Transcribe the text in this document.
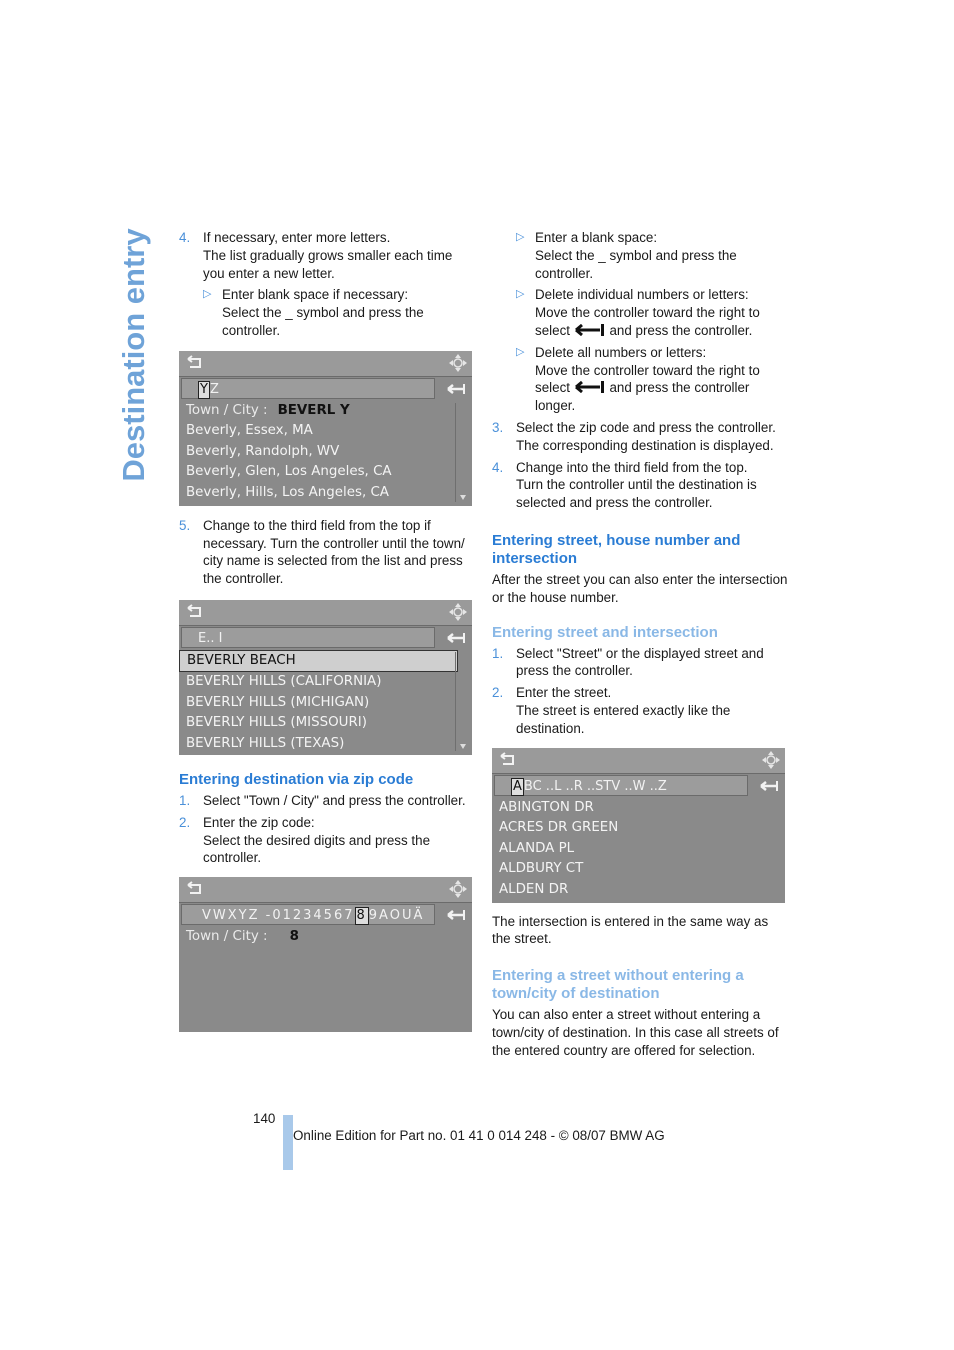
Destination entry 4. If necessary, enter more letters.

The list gradually grows smaller each time you enter a new letter.

▷ Enter blank space if necessary:

Select the _ symbol and press the controller.

Y Z
Town / City : BEVERL Y
Beverly, Essex, MA
Beverly, Randolph, WV
Beverly, Glen, Los Angeles, CA
Beverly, Hills, Los Angeles, CA
5. Change to the third field from the top if necessary. Turn the controller until the town/ city name is selected from the list and press the controller.

E.. I
BEVERLY BEACH
BEVERLY HILLS (CALIFORNIA)
BEVERLY HILLS (MICHIGAN)
BEVERLY HILLS (MISSOURI)
BEVERLY HILLS (TEXAS)
Entering destination via zip code
1. Select "Town / City" and press the controller.

2. Enter the zip code:

Select the desired digits and press the controller.

VWXYZ -01234567 8 9AOUÄ
Town / City : 8
▷ Enter a blank space:

Select the _ symbol and press the controller.

▷ Delete individual numbers or letters:

Move the controller toward the right to select	and press the controller.

▷ Delete all numbers or letters:

Move the controller toward the right to select	and press the controller longer.

3. Select the zip code and press the controller.

The corresponding destination is displayed.

4. Change into the third field from the top.

Turn the controller until the destination is selected and press the controller.

Entering street, house number and intersection

After the street you can also enter the intersection or the house number.

Entering street and intersection
1. Select "Street" or the displayed street and press the controller.

2. Enter the street.

The street is entered exactly like the destination.

A BC ..L ..R ..STV ..W ..Z
ABINGTON DR
ACRES DR GREEN
ALANDA PL
ALDBURY CT
ALDEN DR

The intersection is entered in the same way as the street.

Entering a street without entering a town/city of destination

You can also enter a street without entering a town/city of destination. In this case all streets of the entered country are offered for selection.

140
Online Edition for Part no. 01 41 0 014 248 - © 08/07 BMW AG
